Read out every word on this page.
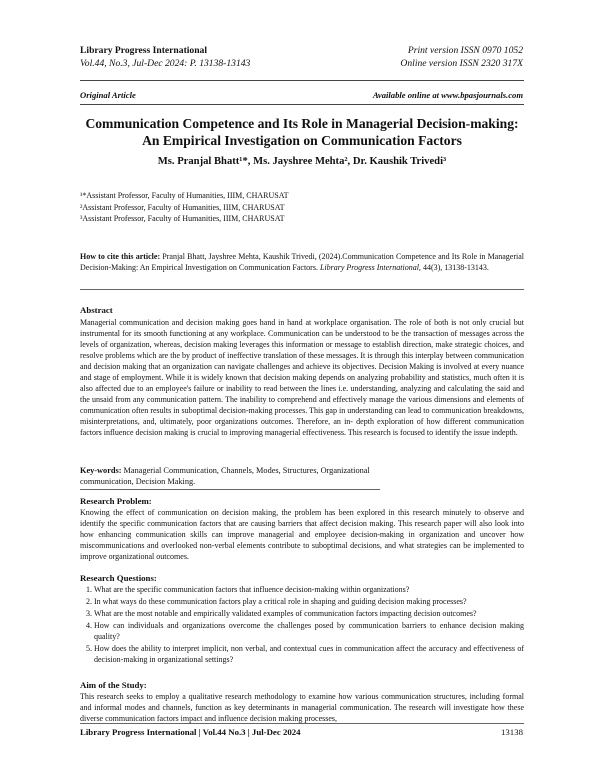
Library Progress International
Vol.44, No.3, Jul-Dec 2024: P. 13138-13143
Print version ISSN 0970 1052
Online version ISSN 2320 317X
Original Article	Available online at www.bpasjournals.com
Communication Competence and Its Role in Managerial Decision-making:
An Empirical Investigation on Communication Factors
Ms. Pranjal Bhatt¹*, Ms. Jayshree Mehta², Dr. Kaushik Trivedi³
¹*Assistant Professor, Faculty of Humanities, IIIM, CHARUSAT
²Assistant Professor, Faculty of Humanities, IIIM, CHARUSAT
³Assistant Professor, Faculty of Humanities, IIIM, CHARUSAT
How to cite this article: Pranjal Bhatt, Jayshree Mehta, Kaushik Trivedi, (2024).Communication Competence and Its Role in Managerial Decision-Making: An Empirical Investigation on Communication Factors. Library Progress International, 44(3), 13138-13143.
Abstract
Managerial communication and decision making goes hand in hand at workplace organisation. The role of both is not only crucial but instrumental for its smooth functioning at any workplace. Communication can be understood to be the transaction of messages across the levels of organization, whereas, decision making leverages this information or message to establish direction, make strategic choices, and resolve problems which are the by product of ineffective translation of these messages. It is through this interplay between communication and decision making that an organization can navigate challenges and achieve its objectives. Decision Making is involved at every nuance and stage of employment. While it is widely known that decision making depends on analyzing probability and statistics, much often it is also affected due to an employee's failure or inability to read between the lines i.e. understanding, analyzing and calculating the said and the unsaid from any communication pattern. The inability to comprehend and effectively manage the various dimensions and elements of communication often results in suboptimal decision-making processes. This gap in understanding can lead to communication breakdowns, misinterpretations, and, ultimately, poor organizations outcomes. Therefore, an in- depth exploration of how different communication factors influence decision making is crucial to improving managerial effectiveness. This research is focused to identify the issue indepth.
Key-words: Managerial Communication, Channels, Modes, Structures, Organizational communication, Decision Making.
Research Problem:
Knowing the effect of communication on decision making, the problem has been explored in this research minutely to observe and identify the specific communication factors that are causing barriers that affect decision making. This research paper will also look into how enhancing communication skills can improve managerial and employee decision-making in organization and uncover how miscommunications and overlooked non-verbal elements contribute to suboptimal decisions, and what strategies can be implemented to improve organizational outcomes.
Research Questions:
1. What are the specific communication factors that influence decision-making within organizations?
2. In what ways do these communication factors play a critical role in shaping and guiding decision making processes?
3. What are the most notable and empirically validated examples of communication factors impacting decision outcomes?
4. How can individuals and organizations overcome the challenges posed by communication barriers to enhance decision making quality?
5. How does the ability to interpret implicit, non verbal, and contextual cues in communication affect the accuracy and effectiveness of decision-making in organizational settings?
Aim of the Study:
This research seeks to employ a qualitative research methodology to examine how various communication structures, including formal and informal modes and channels, function as key determinants in managerial communication. The research will investigate how these diverse communication factors impact and influence decision making processes,
Library Progress International | Vol.44 No.3 | Jul-Dec 2024	13138
